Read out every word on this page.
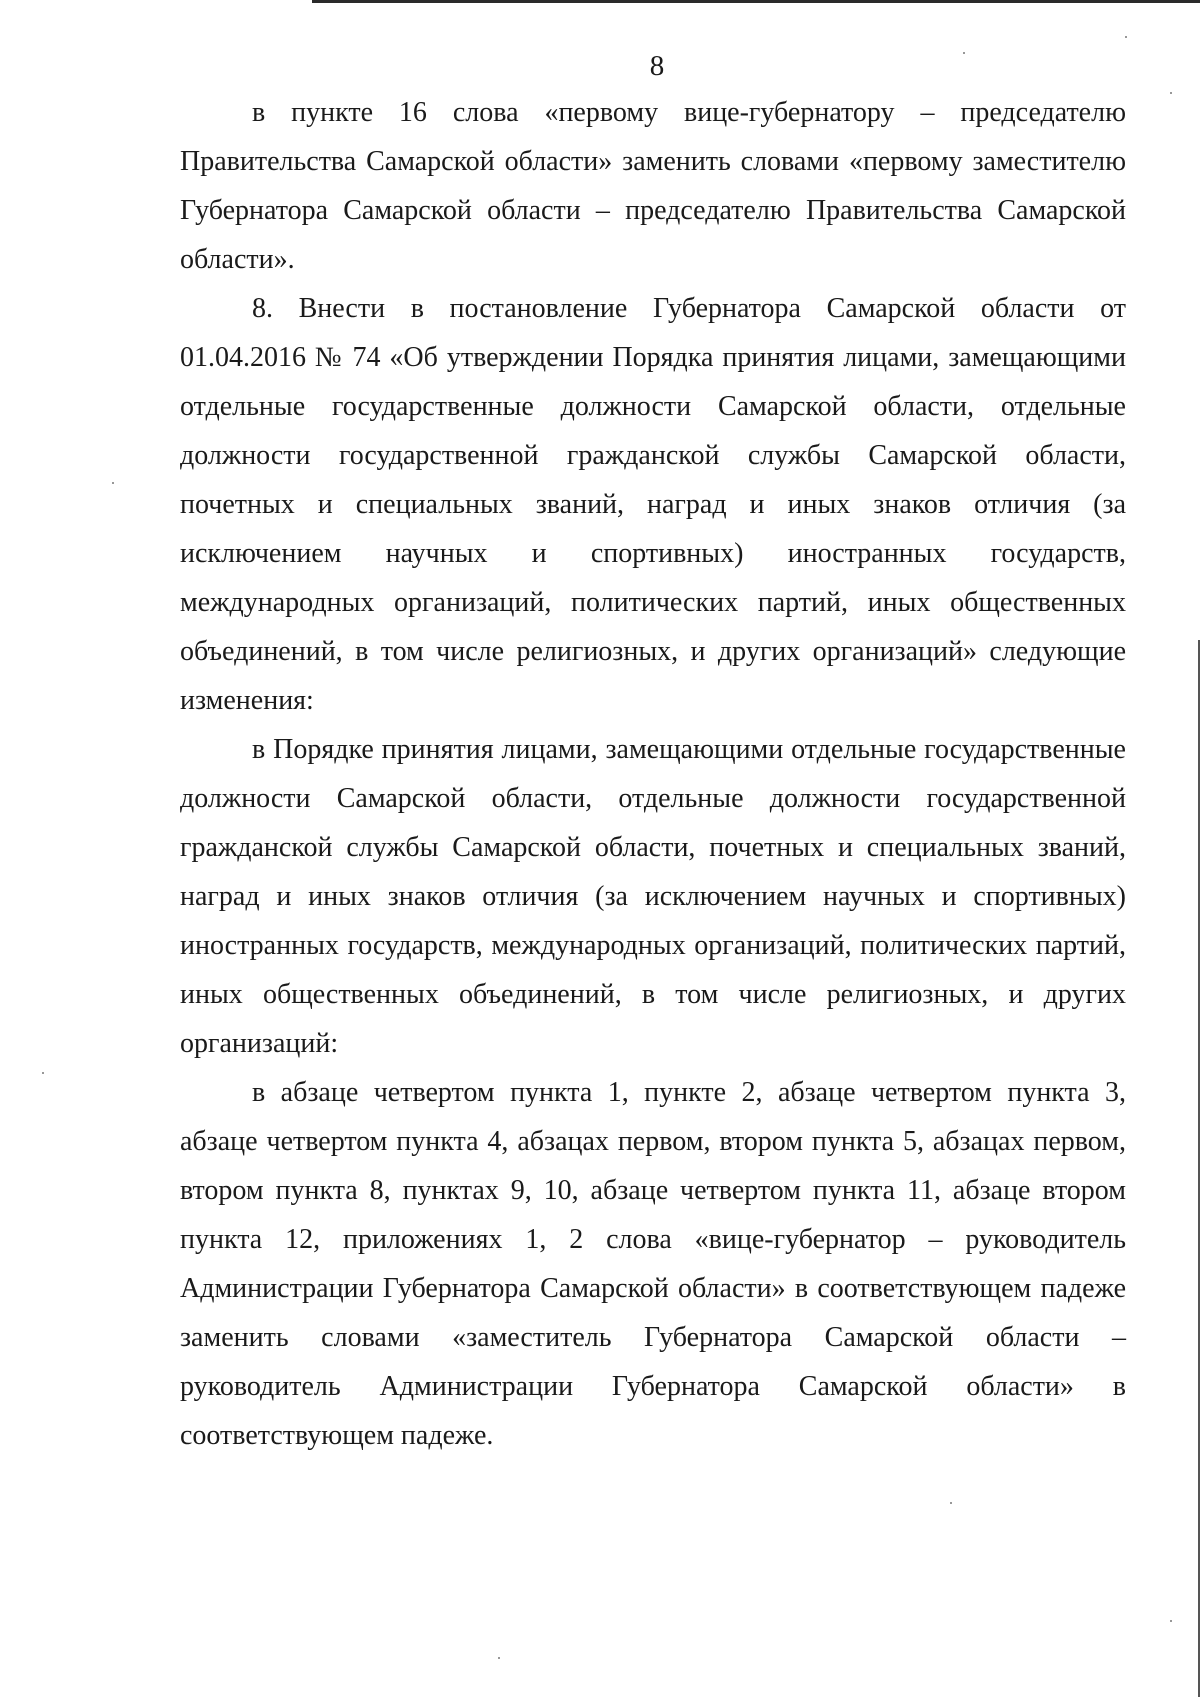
8

в пункте 16 слова «первому вице-губернатору – председателю Правительства Самарской области» заменить словами «первому заместителю Губернатора Самарской области – председателю Правительства Самарской области».

8. Внести в постановление Губернатора Самарской области от 01.04.2016 № 74 «Об утверждении Порядка принятия лицами, замещающими отдельные государственные должности Самарской области, отдельные должности государственной гражданской службы Самарской области, почетных и специальных званий, наград и иных знаков отличия (за исключением научных и спортивных) иностранных государств, международных организаций, политических партий, иных общественных объединений, в том числе религиозных, и других организаций» следующие изменения:

в Порядке принятия лицами, замещающими отдельные государственные должности Самарской области, отдельные должности государственной гражданской службы Самарской области, почетных и специальных званий, наград и иных знаков отличия (за исключением научных и спортивных) иностранных государств, международных организаций, политических партий, иных общественных объединений, в том числе религиозных, и других организаций:

в абзаце четвертом пункта 1, пункте 2, абзаце четвертом пункта 3, абзаце четвертом пункта 4, абзацах первом, втором пункта 5, абзацах первом, втором пункта 8, пунктах 9, 10, абзаце четвертом пункта 11, абзаце втором пункта 12, приложениях 1, 2 слова «вице-губернатор – руководитель Администрации Губернатора Самарской области» в соответствующем падеже заменить словами «заместитель Губернатора Самарской области – руководитель Администрации Губернатора Самарской области» в соответствующем падеже.
